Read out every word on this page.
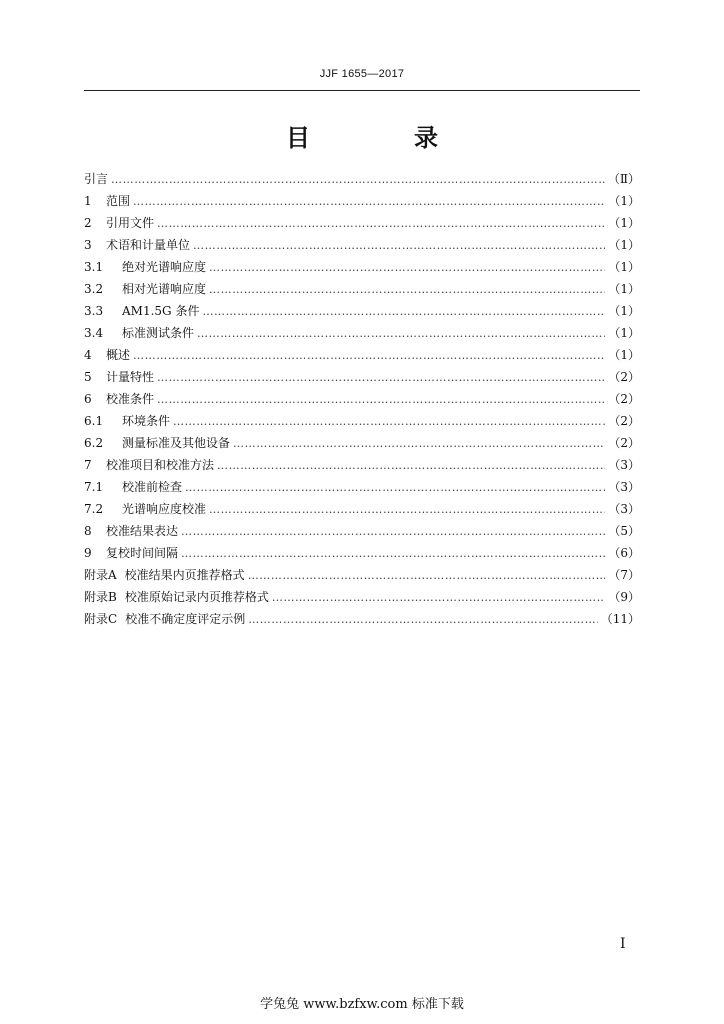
JJF 1655—2017
目　录
引言 …………………………………………………………………………………………………………………………………………………………………………………………………………………………………………	（Ⅱ）
1	范围 …………………………………………………………………………………………………………………………………………………………………………………………………………………………………………	（1）
2	引用文件 …………………………………………………………………………………………………………………………………………………………………………………………………………………………………………	（1）
3	术语和计量单位 …………………………………………………………………………………………………………………………………………………………………………………………………………………………………………	（1）
3.1	绝对光谱响应度 …………………………………………………………………………………………………………………………………………………………………………………………………………………………………………	（1）
3.2	相对光谱响应度 …………………………………………………………………………………………………………………………………………………………………………………………………………………………………………	（1）
3.3	AM1.5G 条件 …………………………………………………………………………………………………………………………………………………………………………………………………………………………………………	（1）
3.4	标准测试条件 …………………………………………………………………………………………………………………………………………………………………………………………………………………………………………	（1）
4	概述 …………………………………………………………………………………………………………………………………………………………………………………………………………………………………………	（1）
5	计量特性 …………………………………………………………………………………………………………………………………………………………………………………………………………………………………………	（2）
6	校准条件 …………………………………………………………………………………………………………………………………………………………………………………………………………………………………………	（2）
6.1	环境条件 …………………………………………………………………………………………………………………………………………………………………………………………………………………………………………	（2）
6.2	测量标准及其他设备 …………………………………………………………………………………………………………………………………………………………………………………………………………………………………………	（2）
7	校准项目和校准方法 …………………………………………………………………………………………………………………………………………………………………………………………………………………………………………	（3）
7.1	校准前检查 …………………………………………………………………………………………………………………………………………………………………………………………………………………………………………	（3）
7.2	光谱响应度校准 …………………………………………………………………………………………………………………………………………………………………………………………………………………………………………	（3）
8	校准结果表达 …………………………………………………………………………………………………………………………………………………………………………………………………………………………………………	（5）
9	复校时间间隔 …………………………………………………………………………………………………………………………………………………………………………………………………………………………………………	（6）
附录A 校准结果内页推荐格式 …………………………………………………………………………………………………………………………………………………………………………………………………………………………………………	（7）
附录B 校准原始记录内页推荐格式 …………………………………………………………………………………………………………………………………………………………………………………………………………………………………………	（9）
附录C 校准不确定度评定示例 …………………………………………………………………………………………………………………………………………………………………………………………………………………………………………	（11）
I
学兔兔 www.bzfxw.com 标准下载
